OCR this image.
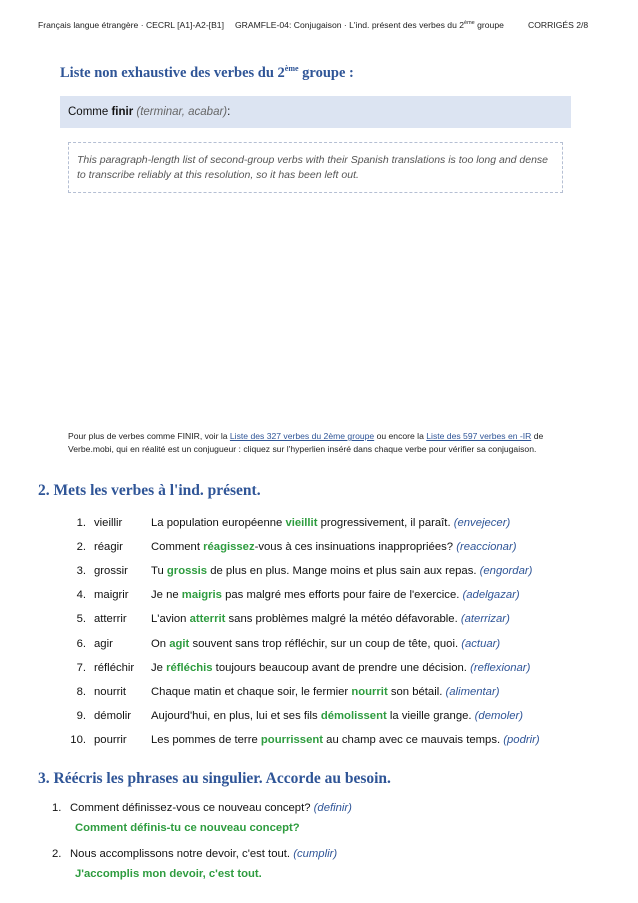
Français langue étrangère · CECRL [A1]-A2-[B1] GRAMFLE-04: Conjugaison · L'ind. présent des verbes du 2ème groupe	CORRIGÉS 2/8
Liste non exhaustive des verbes du 2ème groupe :
Comme finir (terminar, acabar):
This paragraph-length list of second-group verbs with their Spanish translations is too long and dense to transcribe reliably at this resolution, so it has been left out.
Pour plus de verbes comme FINIR, voir la Liste des 327 verbes du 2ème groupe ou encore la Liste des 597 verbes en -IR de Verbe.mobi, qui en réalité est un conjugueur : cliquez sur l'hyperlien inséré dans chaque verbe pour vérifier sa conjugaison.
2. Mets les verbes à l'ind. présent.
1. vieillir	La population européenne vieillit progressivement, il paraît. (envejecer)
2. réagir Comment réagissez-vous à ces insinuations inappropriées? (reaccionar)
3. grossir Tu grossis de plus en plus. Mange moins et plus sain aux repas. (engordar)
4. maigrir Je ne maigris pas malgré mes efforts pour faire de l'exercice. (adelgazar)
5. atterrir L'avion atterrit sans problèmes malgré la météo défavorable. (aterrizar)
6. agir	On agit souvent sans trop réfléchir, sur un coup de tête, quoi. (actuar)
7. réfléchir Je réfléchis toujours beaucoup avant de prendre une décision. (reflexionar)
8. nourrit Chaque matin et chaque soir, le fermier nourrit son bétail. (alimentar)
9. démolir Aujourd'hui, en plus, lui et ses fils démolissent la vieille grange. (demoler)
10. pourrir Les pommes de terre pourrissent au champ avec ce mauvais temps. (podrir)
3. Réécris les phrases au singulier. Accorde au besoin.
1. Comment définissez-vous ce nouveau concept? (definir)
Comment définis-tu ce nouveau concept?
2. Nous accomplissons notre devoir, c'est tout. (cumplir)
J'accomplis mon devoir, c'est tout.
